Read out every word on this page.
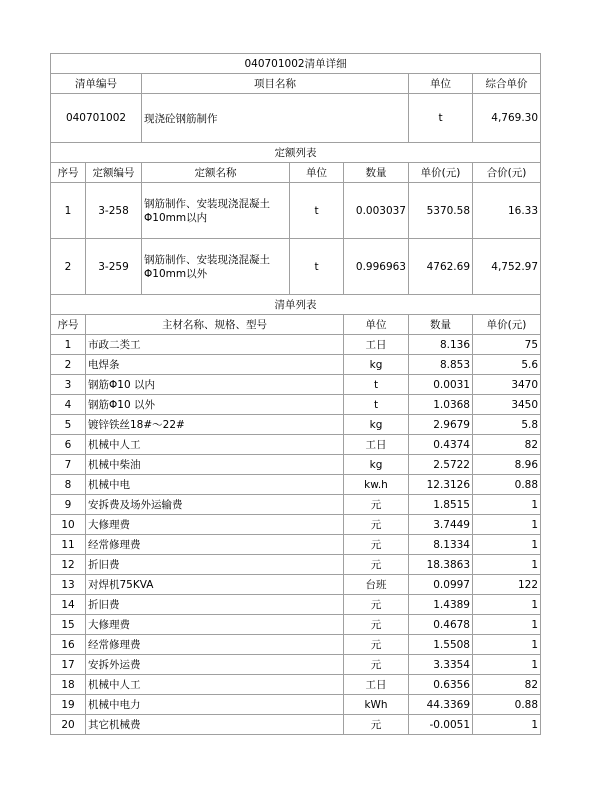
040701002清单详细							
清单编号		项目名称			单位	综合单价	
040701002		现浇砼钢筋制作			t	4,769.30	
定额列表							
序号	定额编号	定额名称	单位	数量	单价(元)	合价(元)	
1	3-258	钢筋制作、安装现浇混凝土Φ10mm以内	t	0.003037	5370.58	16.33	
2	3-259	钢筋制作、安装现浇混凝土Φ10mm以外	t	0.996963	4762.69	4,752.97	
清单列表							
序号	主材名称、规格、型号			单位	数量	单价(元)	
1	市政二类工			工日	8.136	75	
2	电焊条			kg	8.853	5.6	
3	钢筋Φ10 以内			t	0.0031	3470	
4	钢筋Φ10 以外			t	1.0368	3450	
5	镀锌铁丝18#～22#			kg	2.9679	5.8	
6	机械中人工			工日	0.4374	82	
7	机械中柴油			kg	2.5722	8.96	
8	机械中电			kw.h	12.3126	0.88	
9	安拆费及场外运输费			元	1.8515	1	
10	大修理费			元	3.7449	1	
11	经常修理费			元	8.1334	1	
12	折旧费			元	18.3863	1	
13	对焊机75KVA			台班	0.0997	122	
14	折旧费			元	1.4389	1	
15	大修理费			元	0.4678	1	
16	经常修理费			元	1.5508	1	
17	安拆外运费			元	3.3354	1	
18	机械中人工			工日	0.6356	82	
19	机械中电力			kWh	44.3369	0.88	
20	其它机械费			元	-0.0051	1	
